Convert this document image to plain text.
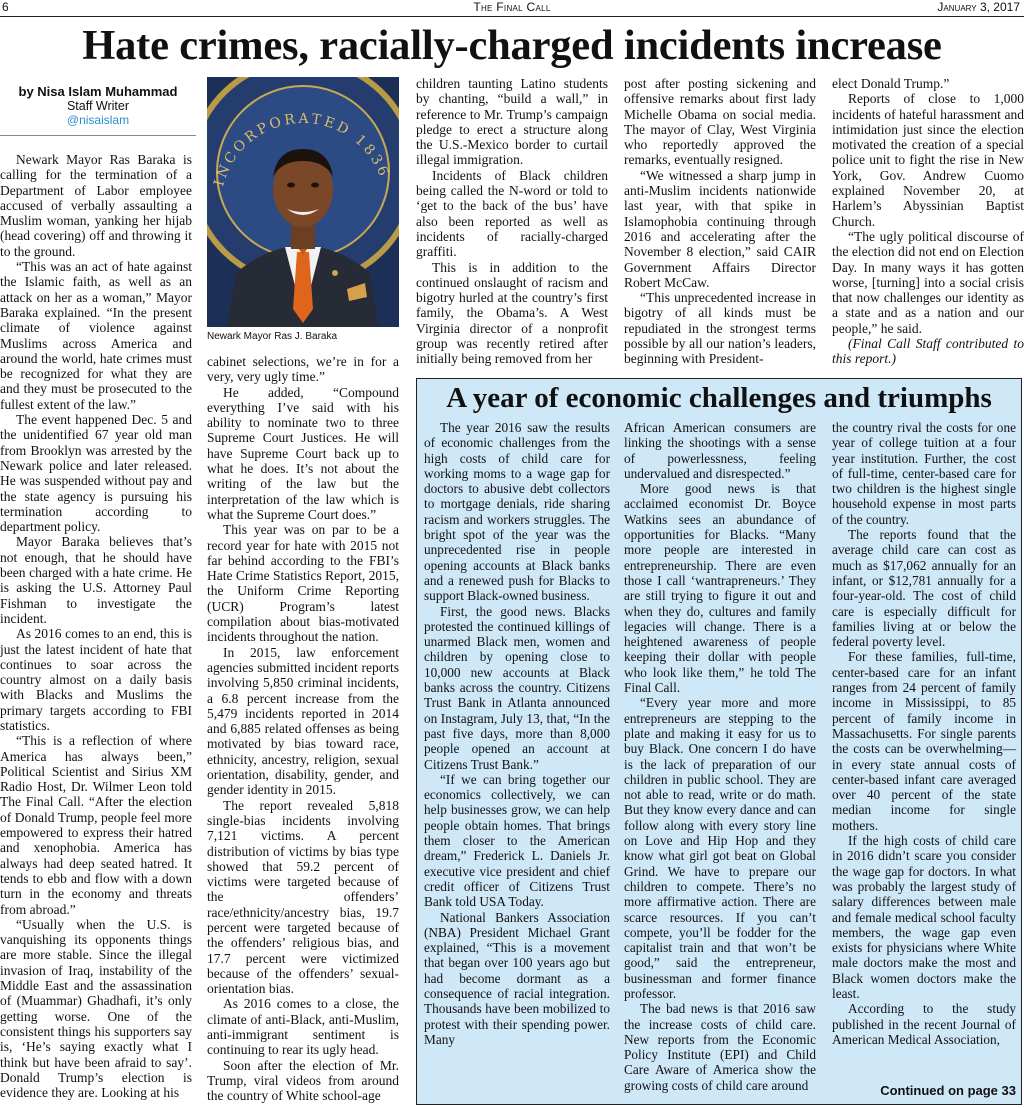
6	The Final Call	January 3, 2017
Hate crimes, racially-charged incidents increase
by Nisa Islam Muhammad
Staff Writer
@nisaislam

Newark Mayor Ras Baraka is calling for the termination of a Department of Labor employee accused of verbally assaulting a Muslim woman, yanking her hijab (head covering) off and throwing it to the ground.

“This was an act of hate against the Islamic faith, as well as an attack on her as a woman,” Mayor Baraka explained. “In the present climate of violence against Muslims across America and around the world, hate crimes must be recognized for what they are and they must be prosecuted to the fullest extent of the law.”

The event happened Dec. 5 and the unidentified 67 year old man from Brooklyn was arrested by the Newark police and later released. He was suspended without pay and the state agency is pursuing his termination according to department policy.

Mayor Baraka believes that’s not enough, that he should have been charged with a hate crime. He is asking the U.S. Attorney Paul Fishman to investigate the incident.

As 2016 comes to an end, this is just the latest incident of hate that continues to soar across the country almost on a daily basis with Blacks and Muslims the primary targets according to FBI statistics.

“This is a reflection of where America has always been,” Political Scientist and Sirius XM Radio Host, Dr. Wilmer Leon told The Final Call. “After the election of Donald Trump, people feel more empowered to express their hatred and xenophobia. America has always had deep seated hatred. It tends to ebb and flow with a down turn in the economy and threats from abroad.”

“Usually when the U.S. is vanquishing its opponents things are more stable. Since the illegal invasion of Iraq, instability of the Middle East and the assassination of (Muammar) Ghadhafi, it’s only getting worse. One of the consistent things his supporters say is, ‘He’s saying exactly what I think but have been afraid to say’. Donald Trump’s election is evidence they are. Looking at his

INCORPORATED 1836
Newark Mayor Ras J. Baraka

cabinet selections, we’re in for a very, very ugly time.”

He added, “Compound everything I’ve said with his ability to nominate two to three Supreme Court Justices. He will have Supreme Court back up to what he does. It’s not about the writing of the law but the interpretation of the law which is what the Supreme Court does.”

This year was on par to be a record year for hate with 2015 not far behind according to the FBI’s Hate Crime Statistics Report, 2015, the Uniform Crime Reporting (UCR) Program’s latest compilation about bias-motivated incidents throughout the nation.

In 2015, law enforcement agencies submitted incident reports involving 5,850 criminal incidents, a 6.8 percent increase from the 5,479 incidents reported in 2014 and 6,885 related offenses as being motivated by bias toward race, ethnicity, ancestry, religion, sexual orientation, disability, gender, and gender identity in 2015.

The report revealed 5,818 single-bias incidents involving 7,121 victims. A percent distribution of victims by bias type showed that 59.2 percent of victims were targeted because of the offenders’ race/ethnicity/ancestry bias, 19.7 percent were targeted because of the offenders’ religious bias, and 17.7 percent were victimized because of the offenders’ sexual-orientation bias.

As 2016 comes to a close, the climate of anti-Black, anti-Muslim, anti-immigrant sentiment is continuing to rear its ugly head.

Soon after the election of Mr. Trump, viral videos from around the country of White school-age

children taunting Latino students by chanting, “build a wall,” in reference to Mr. Trump’s campaign pledge to erect a structure along the U.S.-Mexico border to curtail illegal immigration.

Incidents of Black children being called the N-word or told to ‘get to the back of the bus’ have also been reported as well as incidents of racially-charged graffiti.

This is in addition to the continued onslaught of racism and bigotry hurled at the country’s first family, the Obama’s. A West Virginia director of a nonprofit group was recently retired after initially being removed from her

post after posting sickening and offensive remarks about first lady Michelle Obama on social media. The mayor of Clay, West Virginia who reportedly approved the remarks, eventually resigned.

“We witnessed a sharp jump in anti-Muslim incidents nationwide last year, with that spike in Islamophobia continuing through 2016 and accelerating after the November 8 election,” said CAIR Government Affairs Director Robert McCaw.

“This unprecedented increase in bigotry of all kinds must be repudiated in the strongest terms possible by all our nation’s leaders, beginning with President-

elect Donald Trump.”

Reports of close to 1,000 incidents of hateful harassment and intimidation just since the election motivated the creation of a special police unit to fight the rise in New York, Gov. Andrew Cuomo explained November 20, at Harlem’s Abyssinian Baptist Church.

“The ugly political discourse of the election did not end on Election Day. In many ways it has gotten worse, [turning] into a social crisis that now challenges our identity as a state and as a nation and our people,” he said.

(Final Call Staff contributed to this report.)

A year of economic challenges and triumphs

The year 2016 saw the results of economic challenges from the high costs of child care for working moms to a wage gap for doctors to abusive debt collectors to mortgage denials, ride sharing racism and workers struggles. The bright spot of the year was the unprecedented rise in people opening accounts at Black banks and a renewed push for Blacks to support Black-owned business.

First, the good news. Blacks protested the continued killings of unarmed Black men, women and children by opening close to 10,000 new accounts at Black banks across the country. Citizens Trust Bank in Atlanta announced on Instagram, July 13, that, “In the past five days, more than 8,000 people opened an account at Citizens Trust Bank.”

“If we can bring together our economics collectively, we can help businesses grow, we can help people obtain homes. That brings them closer to the American dream,” Frederick L. Daniels Jr. executive vice president and chief credit officer of Citizens Trust Bank told USA Today.

National Bankers Association (NBA) President Michael Grant explained, “This is a movement that began over 100 years ago but had become dormant as a consequence of racial integration. Thousands have been mobilized to protest with their spending power. Many

African American consumers are linking the shootings with a sense of powerlessness, feeling undervalued and disrespected.”

More good news is that acclaimed economist Dr. Boyce Watkins sees an abundance of opportunities for Blacks. “Many more people are interested in entrepreneurship. There are even those I call ‘wantrapreneurs.’ They are still trying to figure it out and when they do, cultures and family legacies will change. There is a heightened awareness of people keeping their dollar with people who look like them,” he told The Final Call.

“Every year more and more entrepreneurs are stepping to the plate and making it easy for us to buy Black. One concern I do have is the lack of preparation of our children in public school. They are not able to read, write or do math. But they know every dance and can follow along with every story line on Love and Hip Hop and they know what girl got beat on Global Grind. We have to prepare our children to compete. There’s no more affirmative action. There are scarce resources. If you can’t compete, you’ll be fodder for the capitalist train and that won’t be good,” said the entrepreneur, businessman and former finance professor.

The bad news is that 2016 saw the increase costs of child care. New reports from the Economic Policy Institute (EPI) and Child Care Aware of America show the growing costs of child care around

the country rival the costs for one year of college tuition at a four year institution. Further, the cost of full-time, center-based care for two children is the highest single household expense in most parts of the country.

The reports found that the average child care can cost as much as $17,062 annually for an infant, or $12,781 annually for a four-year-old. The cost of child care is especially difficult for families living at or below the federal poverty level.

For these families, full-time, center-based care for an infant ranges from 24 percent of family income in Mississippi, to 85 percent of family income in Massachusetts. For single parents the costs can be overwhelming—in every state annual costs of center-based infant care averaged over 40 percent of the state median income for single mothers.

If the high costs of child care in 2016 didn’t scare you consider the wage gap for doctors. In what was probably the largest study of salary differences between male and female medical school faculty members, the wage gap even exists for physicians where White male doctors make the most and Black women doctors make the least.

According to the study published in the recent Journal of American Medical Association,

Continued on page 33
